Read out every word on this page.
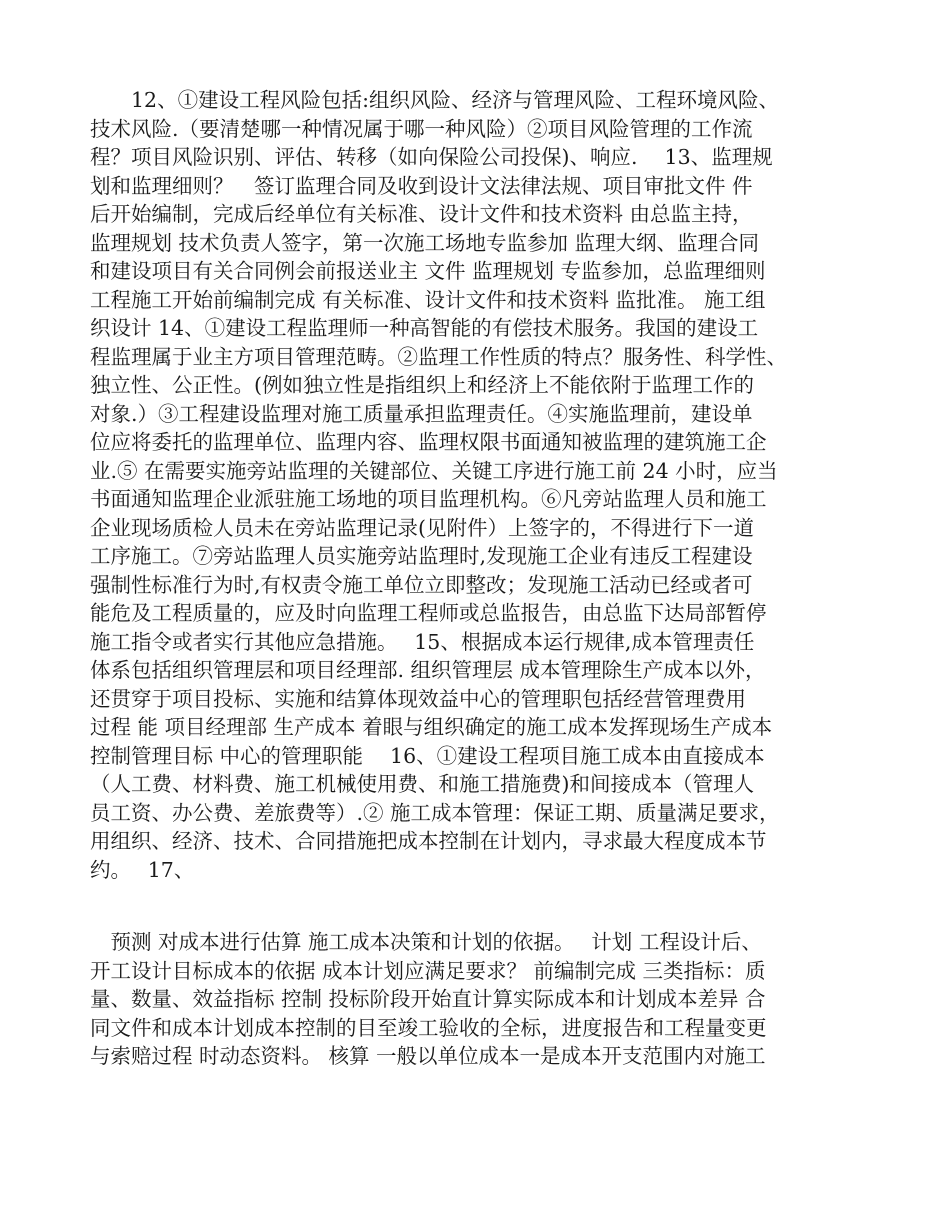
　　12、①建设工程风险包括:组织风险、经济与管理风险、工程环境风险、
技术风险.（要清楚哪一种情况属于哪一种风险）②项目风险管理的工作流
程？项目风险识别、评估、转移（如向保险公司投保)、响应.　 13、监理规
划和监理细则？　签订监理合同及收到设计文法律法规、项目审批文件 件
后开始编制，完成后经单位有关标准、设计文件和技术资料 由总监主持，
监理规划 技术负责人签字，第一次施工场地专监参加 监理大纲、监理合同
和建设项目有关合同例会前报送业主 文件 监理规划 专监参加，总监理细则
工程施工开始前编制完成 有关标准、设计文件和技术资料 监批准。 施工组
织设计 14、①建设工程监理师一种高智能的有偿技术服务。我国的建设工
程监理属于业主方项目管理范畴。②监理工作性质的特点？服务性、科学性、
独立性、公正性。(例如独立性是指组织上和经济上不能依附于监理工作的
对象.）③工程建设监理对施工质量承担监理责任。④实施监理前，建设单
位应将委托的监理单位、监理内容、监理权限书面通知被监理的建筑施工企
业.⑤ 在需要实施旁站监理的关键部位、关键工序进行施工前 24 小时，应当
书面通知监理企业派驻施工场地的项目监理机构。⑥凡旁站监理人员和施工
企业现场质检人员未在旁站监理记录(见附件）上签字的，不得进行下一道
工序施工。⑦旁站监理人员实施旁站监理时,发现施工企业有违反工程建设
强制性标准行为时,有权责令施工单位立即整改；发现施工活动已经或者可
能危及工程质量的，应及时向监理工程师或总监报告，由总监下达局部暂停
施工指令或者实行其他应急措施。　 15、根据成本运行规律,成本管理责任
体系包括组织管理层和项目经理部. 组织管理层 成本管理除生产成本以外，
还贯穿于项目投标、实施和结算体现效益中心的管理职包括经营管理费用
过程 能 项目经理部 生产成本 着眼与组织确定的施工成本发挥现场生产成本
控制管理目标 中心的管理职能　 16、①建设工程项目施工成本由直接成本
（人工费、材料费、施工机械使用费、和施工措施费)和间接成本（管理人
员工资、办公费、差旅费等）.② 施工成本管理：保证工期、质量满足要求，
用组织、经济、技术、合同措施把成本控制在计划内，寻求最大程度成本节
约。　 17、
　预测 对成本进行估算 施工成本决策和计划的依据。　 计划 工程设计后、
开工设计目标成本的依据 成本计划应满足要求？ 前编制完成 三类指标：质
量、数量、效益指标 控制 投标阶段开始直计算实际成本和计划成本差异 合
同文件和成本计划成本控制的目至竣工验收的全标，进度报告和工程量变更
与索赔过程 时动态资料。 核算 一般以单位成本一是成本开支范围内对施工
